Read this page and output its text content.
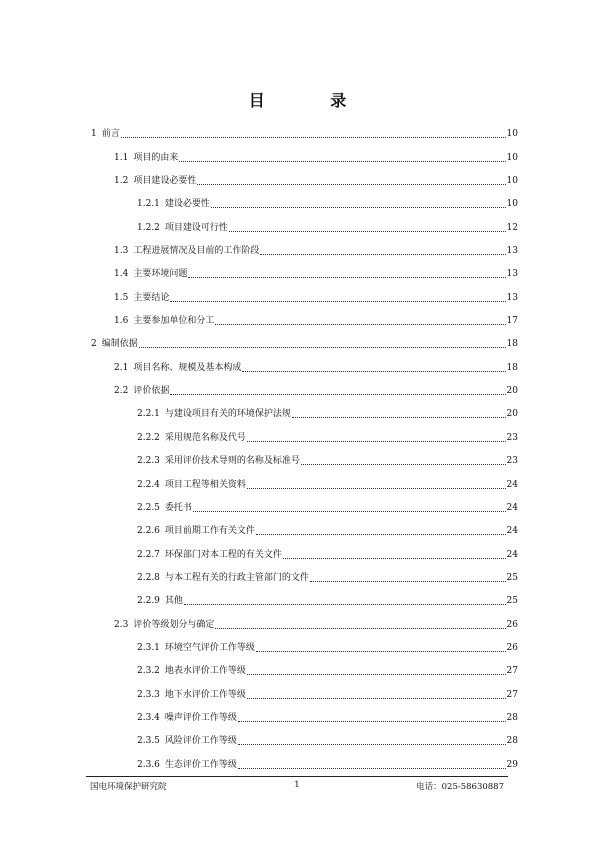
目 录
1 前言	10
1.1 项目的由来	10
1.2 项目建设必要性	10
1.2.1 建设必要性	10
1.2.2 项目建设可行性	12
1.3 工程进展情况及目前的工作阶段	13
1.4 主要环境问题	13
1.5 主要结论	13
1.6 主要参加单位和分工	17
2 编制依据	18
2.1 项目名称、规模及基本构成	18
2.2 评价依据	20
2.2.1 与建设项目有关的环境保护法规	20
2.2.2 采用规范名称及代号	23
2.2.3 采用评价技术导则的名称及标准号	23
2.2.4 项目工程等相关资料	24
2.2.5 委托书	24
2.2.6 项目前期工作有关文件	24
2.2.7 环保部门对本工程的有关文件	24
2.2.8 与本工程有关的行政主管部门的文件	25
2.2.9 其他	25
2.3 评价等级划分与确定	26
2.3.1 环境空气评价工作等级	26
2.3.2 地表水评价工作等级	27
2.3.3 地下水评价工作等级	27
2.3.4 噪声评价工作等级	28
2.3.5 风险评价工作等级	28
2.3.6 生态评价工作等级	29
国电环境保护研究院	1	电话：025-58630887
